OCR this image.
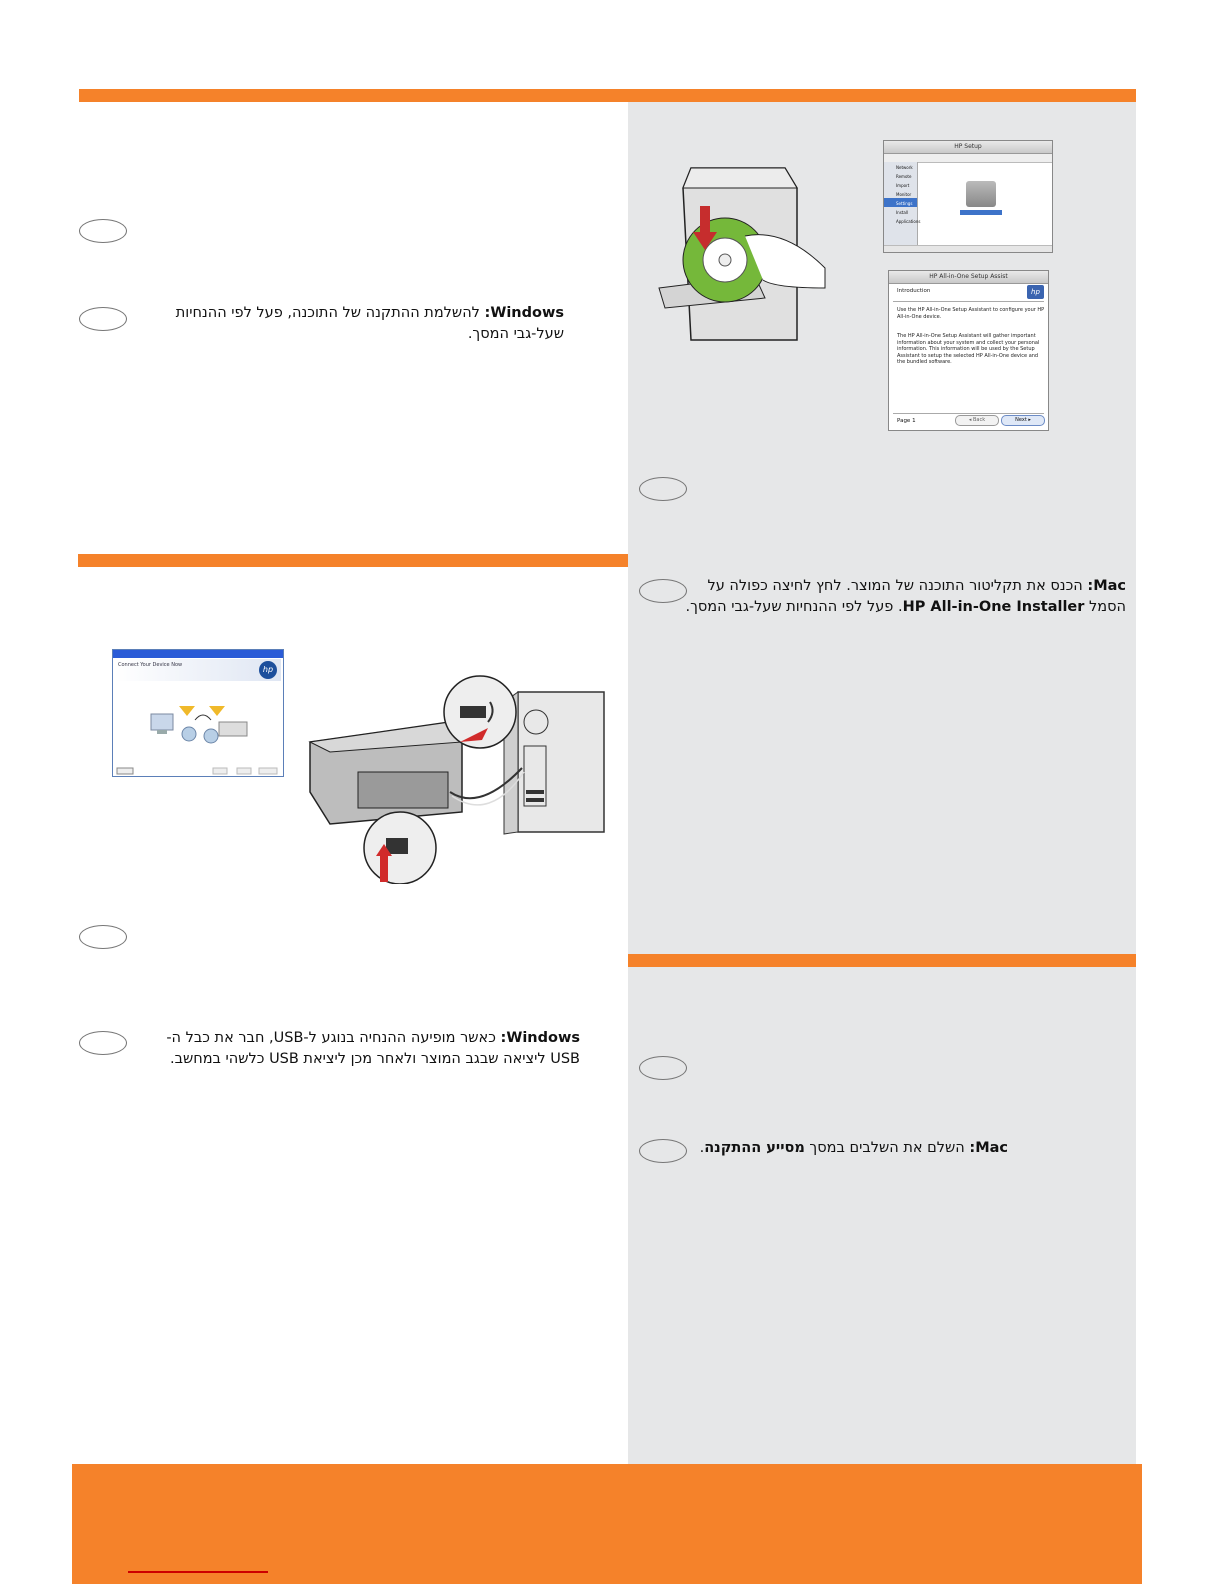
Windows: להשלמת ההתקנה של התוכנה, פעל לפי ההנחיות שעל-גבי המסך.
Connect Your Device Now	hp
Windows: כאשר מופיעה ההנחיה בנוגע ל-USB, חבר את כבל ה-USB ליציאה שבגב המוצר ולאחר מכן ליציאת USB כלשהי במחשב.
HP Setup
Network
Remote
Import
Monitor
Settings
Install
Applications
HP All-in-One Setup Assist
Introduction	hp
Use the HP All-in-One Setup Assistant to configure your HP All-in-One device.
The HP All-in-One Setup Assistant will gather important information about your system and collect your personal information. This information will be used by the Setup Assistant to setup the selected HP All-in-One device and the bundled software.
Page 1	◂ Back	Next ▸
Mac: הכנס את תקליטור התוכנה של המוצר. לחץ לחיצה כפולה על הסמל HP All-in-One Installer. פעל לפי ההנחיות שעל-גבי המסך.
Mac: השלם את השלבים במסך מסייע ההתקנה.
